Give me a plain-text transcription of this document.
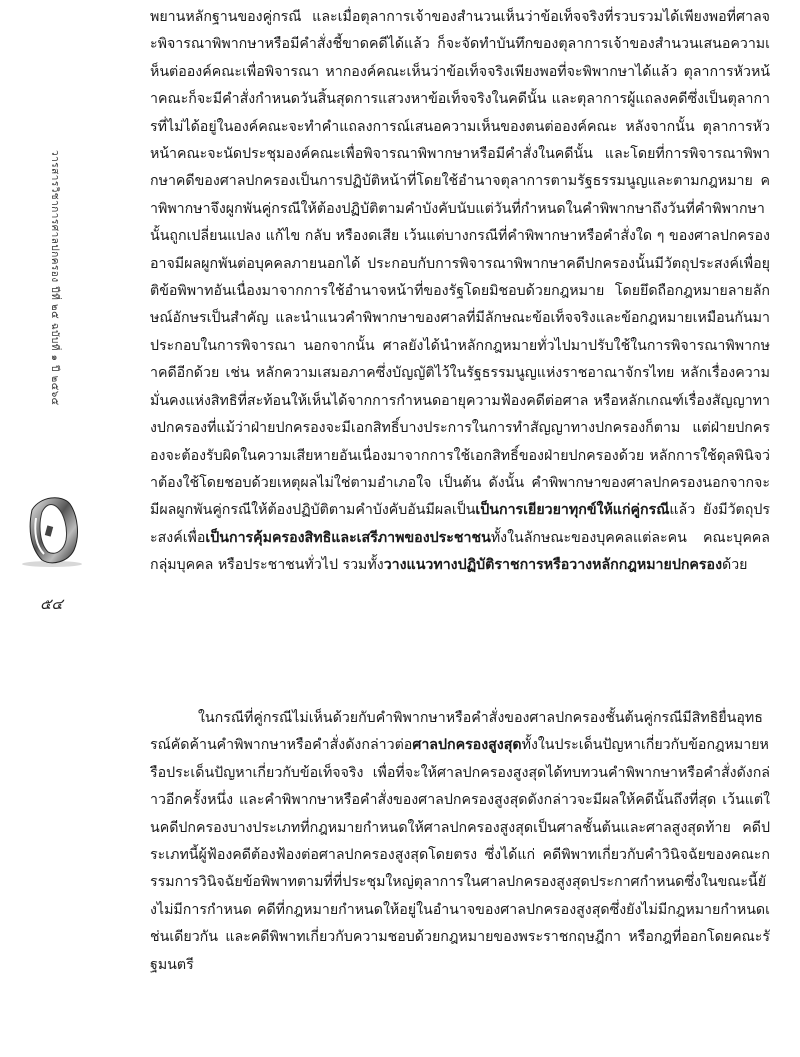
วารสารวิชาการศาลปกครอง ปีที่ ๒๕ ฉบับที่ ๑ ปี ๒๕๖๕
๕๔

พยานหลักฐานของคู่กรณี และเมื่อตุลาการเจ้าของสำนวนเห็นว่าข้อเท็จจริงที่รวบรวมได้เพียงพอที่ศาลจะพิจารณาพิพากษาหรือมีคำสั่งชี้ขาดคดีได้แล้ว ก็จะจัดทำบันทึกของตุลาการเจ้าของสำนวนเสนอความเห็นต่อองค์คณะเพื่อพิจารณา หากองค์คณะเห็นว่าข้อเท็จจริงเพียงพอที่จะพิพากษาได้แล้ว ตุลาการหัวหน้าคณะก็จะมีคำสั่งกำหนดวันสิ้นสุดการแสวงหาข้อเท็จจริงในคดีนั้น และตุลาการผู้แถลงคดีซึ่งเป็นตุลาการที่ไม่ได้อยู่ในองค์คณะจะทำคำแถลงการณ์เสนอความเห็นของตนต่อองค์คณะ หลังจากนั้น ตุลาการหัวหน้าคณะจะนัดประชุมองค์คณะเพื่อพิจารณาพิพากษาหรือมีคำสั่งในคดีนั้น และโดยที่การพิจารณาพิพากษาคดีของศาลปกครองเป็นการปฏิบัติหน้าที่โดยใช้อำนาจตุลาการตามรัฐธรรมนูญและตามกฎหมาย คำพิพากษาจึงผูกพันคู่กรณีให้ต้องปฏิบัติตามคำบังคับนับแต่วันที่กำหนดในคำพิพากษาถึงวันที่คำพิพากษานั้นถูกเปลี่ยนแปลง แก้ไข กลับ หรืองดเสีย เว้นแต่บางกรณีที่คำพิพากษาหรือคำสั่งใด ๆ ของศาลปกครองอาจมีผลผูกพันต่อบุคคลภายนอกได้ ประกอบกับการพิจารณาพิพากษาคดีปกครองนั้นมีวัตถุประสงค์เพื่อยุติข้อพิพาทอันเนื่องมาจากการใช้อำนาจหน้าที่ของรัฐโดยมิชอบด้วยกฎหมาย โดยยึดถือกฎหมายลายลักษณ์อักษรเป็นสำคัญ และนำแนวคำพิพากษาของศาลที่มีลักษณะข้อเท็จจริงและข้อกฎหมายเหมือนกันมาประกอบในการพิจารณา นอกจากนั้น ศาลยังได้นำหลักกฎหมายทั่วไปมาปรับใช้ในการพิจารณาพิพากษาคดีอีกด้วย เช่น หลักความเสมอภาคซึ่งบัญญัติไว้ในรัฐธรรมนูญแห่งราชอาณาจักรไทย หลักเรื่องความมั่นคงแห่งสิทธิที่สะท้อนให้เห็นได้จากการกำหนดอายุความฟ้องคดีต่อศาล หรือหลักเกณฑ์เรื่องสัญญาทางปกครองที่แม้ว่าฝ่ายปกครองจะมีเอกสิทธิ์บางประการในการทำสัญญาทางปกครองก็ตาม แต่ฝ่ายปกครองจะต้องรับผิดในความเสียหายอันเนื่องมาจากการใช้เอกสิทธิ์ของฝ่ายปกครองด้วย หลักการใช้ดุลพินิจว่าต้องใช้โดยชอบด้วยเหตุผลไม่ใช่ตามอำเภอใจ เป็นต้น ดังนั้น คำพิพากษาของศาลปกครองนอกจากจะมีผลผูกพันคู่กรณีให้ต้องปฏิบัติตามคำบังคับอันมีผลเป็นเป็นการเยียวยาทุกข์ให้แก่คู่กรณีแล้ว ยังมีวัตถุประสงค์เพื่อเป็นการคุ้มครองสิทธิและเสรีภาพของประชาชนทั้งในลักษณะของบุคคลแต่ละคน คณะบุคคล กลุ่มบุคคล หรือประชาชนทั่วไป รวมทั้งวางแนวทางปฏิบัติราชการหรือวางหลักกฎหมายปกครองด้วย

ในกรณีที่คู่กรณีไม่เห็นด้วยกับคำพิพากษาหรือคำสั่งของศาลปกครองชั้นต้นคู่กรณีมีสิทธิยื่นอุทธรณ์คัดค้านคำพิพากษาหรือคำสั่งดังกล่าวต่อศาลปกครองสูงสุดทั้งในประเด็นปัญหาเกี่ยวกับข้อกฎหมายหรือประเด็นปัญหาเกี่ยวกับข้อเท็จจริง เพื่อที่จะให้ศาลปกครองสูงสุดได้ทบทวนคำพิพากษาหรือคำสั่งดังกล่าวอีกครั้งหนึ่ง และคำพิพากษาหรือคำสั่งของศาลปกครองสูงสุดดังกล่าวจะมีผลให้คดีนั้นถึงที่สุด เว้นแต่ในคดีปกครองบางประเภทที่กฎหมายกำหนดให้ศาลปกครองสูงสุดเป็นศาลชั้นต้นและศาลสูงสุดท้าย คดีประเภทนี้ผู้ฟ้องคดีต้องฟ้องต่อศาลปกครองสูงสุดโดยตรง ซึ่งได้แก่ คดีพิพาทเกี่ยวกับคำวินิจฉัยของคณะกรรมการวินิจฉัยข้อพิพาทตามที่ที่ประชุมใหญ่ตุลาการในศาลปกครองสูงสุดประกาศกำหนดซึ่งในขณะนี้ยังไม่มีการกำหนด คดีที่กฎหมายกำหนดให้อยู่ในอำนาจของศาลปกครองสูงสุดซึ่งยังไม่มีกฎหมายกำหนดเช่นเดียวกัน และคดีพิพาทเกี่ยวกับความชอบด้วยกฎหมายของพระราชกฤษฎีกา หรือกฎที่ออกโดยคณะรัฐมนตรี
